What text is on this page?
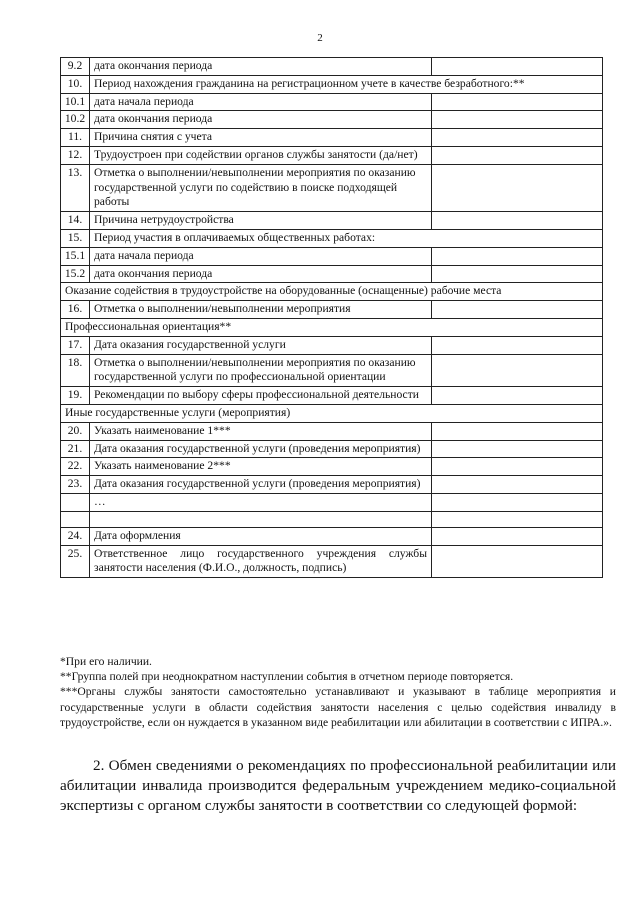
2
9.2	дата окончания периода	
10.	Период нахождения гражданина на регистрационном учете в качестве безработного:**	
10.1	дата начала периода	
10.2	дата окончания периода	
11.	Причина снятия с учета	
12.	Трудоустроен при содействии органов службы занятости (да/нет)	
13.	Отметка о выполнении/невыполнении мероприятия по оказанию государственной услуги по содействию в поиске подходящей работы	
14.	Причина нетрудоустройства	
15.	Период участия в оплачиваемых общественных работах:	
15.1	дата начала периода	
15.2	дата окончания периода	
Оказание содействия в трудоустройстве на оборудованные (оснащенные) рабочие места		
16.	Отметка о выполнении/невыполнении мероприятия	
Профессиональная ориентация**		
17.	Дата оказания государственной услуги	
18.	Отметка о выполнении/невыполнении мероприятия по оказанию государственной услуги по профессиональной ориентации	
19.	Рекомендации по выбору сферы профессиональной деятельности	
Иные государственные услуги (мероприятия)		
20.	Указать наименование 1***	
21.	Дата оказания государственной услуги (проведения мероприятия)	
22.	Указать наименование 2***	
23.	Дата оказания государственной услуги (проведения мероприятия)	
	…	

24.	Дата оформления	
25.	Ответственное лицо государственного учреждения службы занятости населения (Ф.И.О., должность, подпись)	

*При его наличии.

**Группа полей при неоднократном наступлении события в отчетном периоде повторяется.

***Органы службы занятости самостоятельно устанавливают и указывают в таблице мероприятия и государственные услуги в области содействия занятости населения с целью содействия инвалиду в трудоустройстве, если он нуждается в указанном виде реабилитации или абилитации в соответствии с ИПРА.».

2. Обмен сведениями о рекомендациях по профессиональной реабилитации или абилитации инвалида производится федеральным учреждением медико-социальной экспертизы с органом службы занятости в соответствии со следующей формой:
